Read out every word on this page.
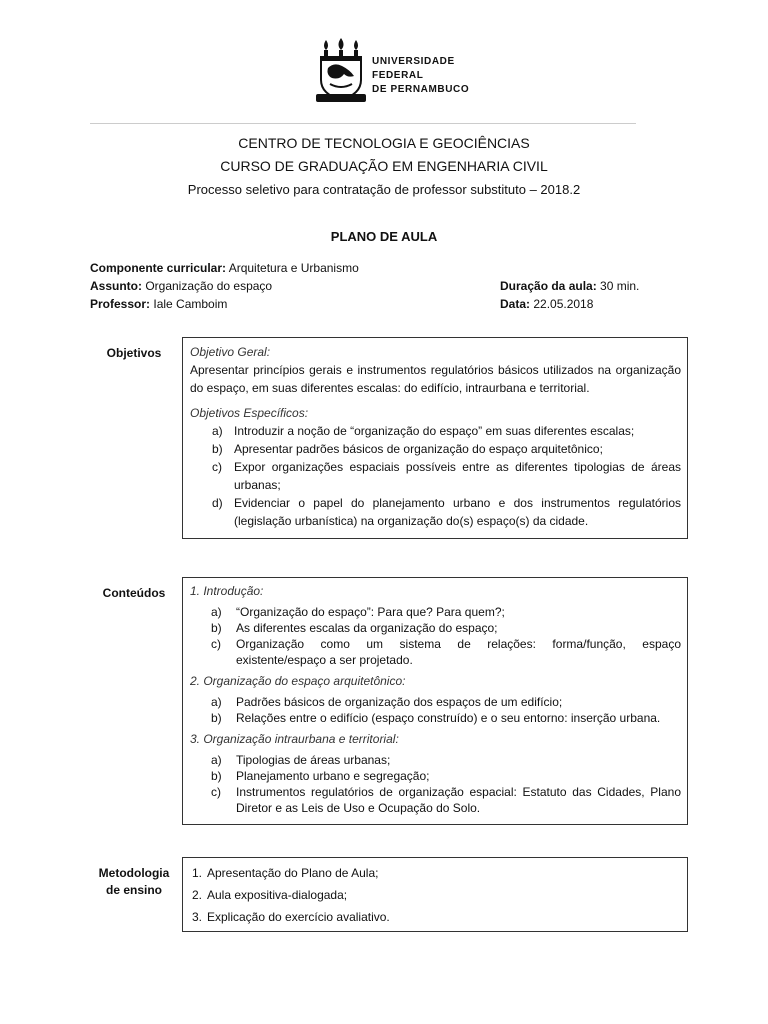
UNIVERSIDADE
FEDERAL
DE PERNAMBUCO
CENTRO DE TECNOLOGIA E GEOCIÊNCIAS
CURSO DE GRADUAÇÃO EM ENGENHARIA CIVIL
Processo seletivo para contratação de professor substituto – 2018.2
PLANO DE AULA
Componente curricular: Arquitetura e Urbanismo
Assunto: Organização do espaço	Duração da aula: 30 min.
Professor: Iale Camboim	Data: 22.05.2018
Objetivos	Objetivo Geral:
Apresentar princípios gerais e instrumentos regulatórios básicos utilizados na organização do espaço, em suas diferentes escalas: do edifício, intraurbana e territorial.
Objetivos Específicos:
a) Introduzir a noção de “organização do espaço” em suas diferentes escalas;
b) Apresentar padrões básicos de organização do espaço arquitetônico;
c) Expor organizações espaciais possíveis entre as diferentes tipologias de áreas urbanas;
d) Evidenciar o papel do planejamento urbano e dos instrumentos regulatórios (legislação urbanística) na organização do(s) espaço(s) da cidade.
Conteúdos	1. Introdução:
a) “Organização do espaço”: Para que? Para quem?;
b) As diferentes escalas da organização do espaço;
c) Organização como um sistema de relações: forma/função, espaço existente/espaço a ser projetado.
2. Organização do espaço arquitetônico:
a) Padrões básicos de organização dos espaços de um edifício;
b) Relações entre o edifício (espaço construído) e o seu entorno: inserção urbana.
3. Organização intraurbana e territorial:
a) Tipologias de áreas urbanas;
b) Planejamento urbano e segregação;
c) Instrumentos regulatórios de organização espacial: Estatuto das Cidades, Plano Diretor e as Leis de Uso e Ocupação do Solo.
Metodologia
de ensino
1. Apresentação do Plano de Aula;
2. Aula expositiva-dialogada;
3. Explicação do exercício avaliativo.
